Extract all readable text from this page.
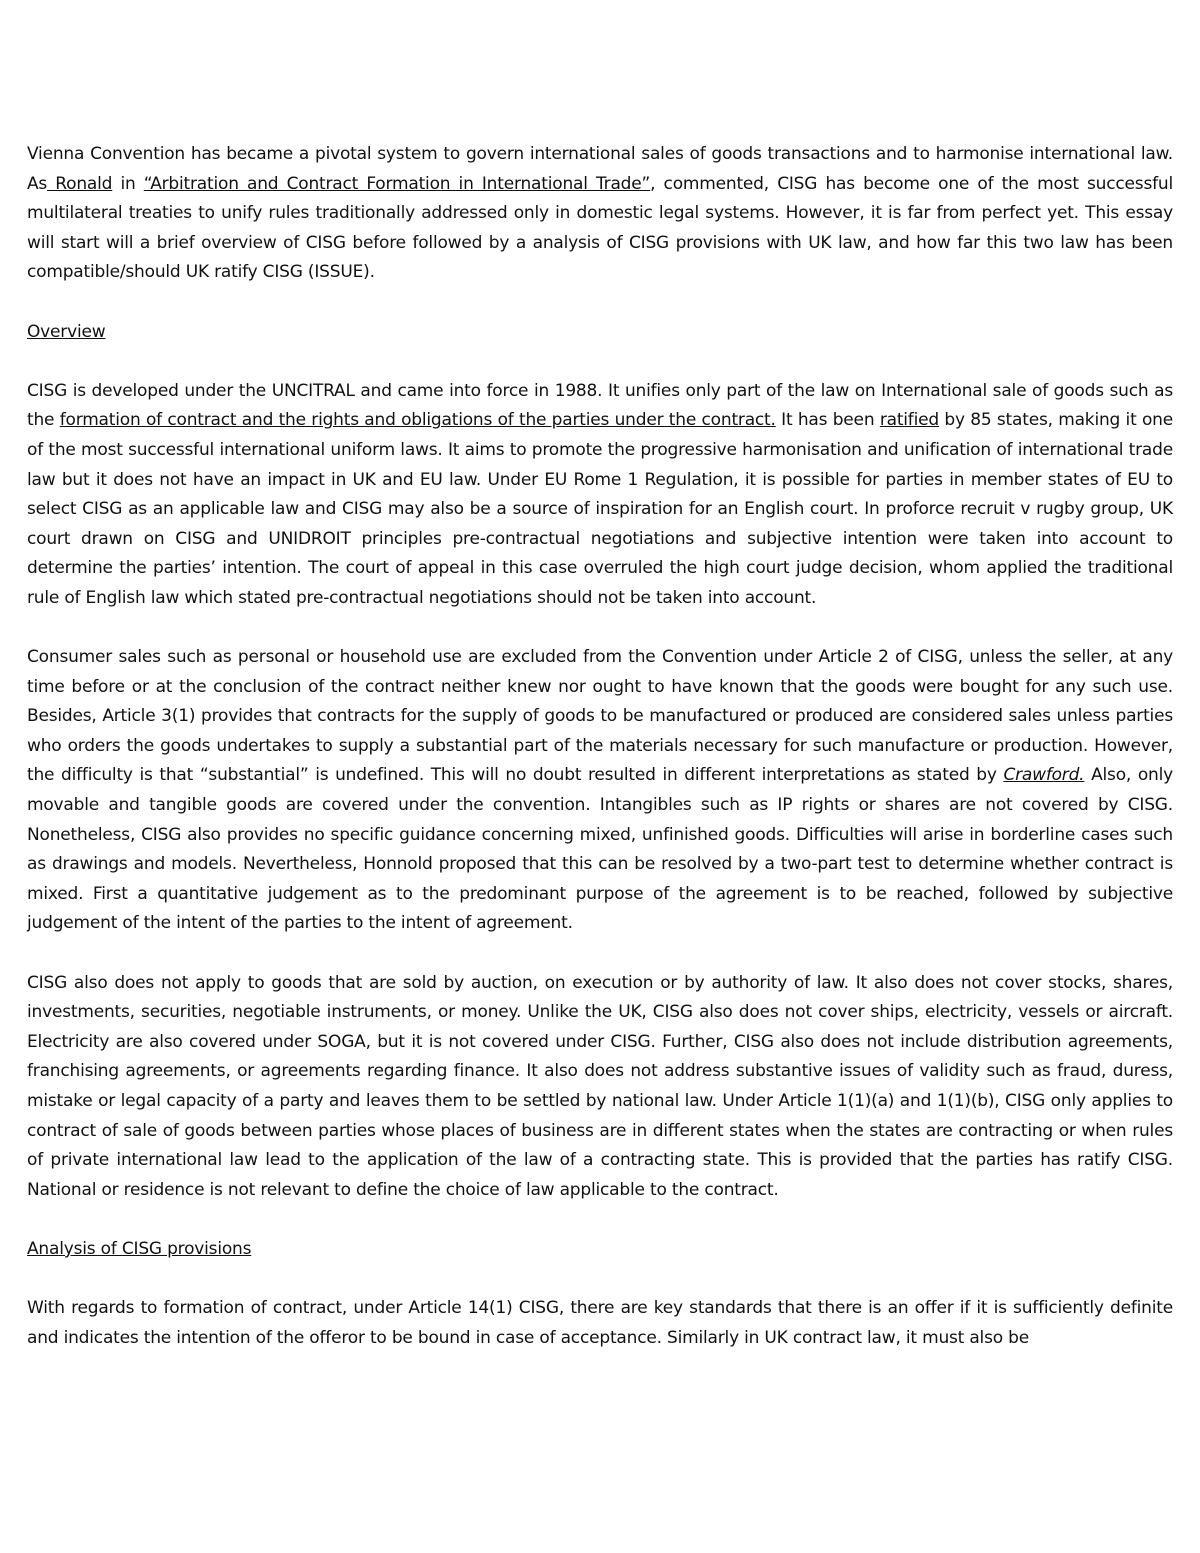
Vienna Convention has became a pivotal system to govern international sales of goods transactions and to harmonise international law. As Ronald in “Arbitration and Contract Formation in International Trade”, commented, CISG has become one of the most successful multilateral treaties to unify rules traditionally addressed only in domestic legal systems. However, it is far from perfect yet. This essay will start will a brief overview of CISG before followed by a analysis of CISG provisions with UK law, and how far this two law has been compatible/should UK ratify CISG (ISSUE).

Overview

CISG is developed under the UNCITRAL and came into force in 1988. It unifies only part of the law on International sale of goods such as the formation of contract and the rights and obligations of the parties under the contract. It has been ratified by 85 states, making it one of the most successful international uniform laws. It aims to promote the progressive harmonisation and unification of international trade law but it does not have an impact in UK and EU law. Under EU Rome 1 Regulation, it is possible for parties in member states of EU to select CISG as an applicable law and CISG may also be a source of inspiration for an English court. In proforce recruit v rugby group, UK court drawn on CISG and UNIDROIT principles pre-contractual negotiations and subjective intention were taken into account to determine the parties’ intention. The court of appeal in this case overruled the high court judge decision, whom applied the traditional rule of English law which stated pre-contractual negotiations should not be taken into account.

Consumer sales such as personal or household use are excluded from the Convention under Article 2 of CISG, unless the seller, at any time before or at the conclusion of the contract neither knew nor ought to have known that the goods were bought for any such use. Besides, Article 3(1) provides that contracts for the supply of goods to be manufactured or produced are considered sales unless parties who orders the goods undertakes to supply a substantial part of the materials necessary for such manufacture or production. However, the difficulty is that “substantial” is undefined. This will no doubt resulted in different interpretations as stated by Crawford. Also, only movable and tangible goods are covered under the convention. Intangibles such as IP rights or shares are not covered by CISG. Nonetheless, CISG also provides no specific guidance concerning mixed, unfinished goods. Difficulties will arise in borderline cases such as drawings and models. Nevertheless, Honnold proposed that this can be resolved by a two-part test to determine whether contract is mixed. First a quantitative judgement as to the predominant purpose of the agreement is to be reached, followed by subjective judgement of the intent of the parties to the intent of agreement.

CISG also does not apply to goods that are sold by auction, on execution or by authority of law. It also does not cover stocks, shares, investments, securities, negotiable instruments, or money. Unlike the UK, CISG also does not cover ships, electricity, vessels or aircraft. Electricity are also covered under SOGA, but it is not covered under CISG. Further, CISG also does not include distribution agreements, franchising agreements, or agreements regarding finance. It also does not address substantive issues of validity such as fraud, duress, mistake or legal capacity of a party and leaves them to be settled by national law. Under Article 1(1)(a) and 1(1)(b), CISG only applies to contract of sale of goods between parties whose places of business are in different states when the states are contracting or when rules of private international law lead to the application of the law of a contracting state. This is provided that the parties has ratify CISG. National or residence is not relevant to define the choice of law applicable to the contract.

Analysis of CISG provisions

With regards to formation of contract, under Article 14(1) CISG, there are key standards that there is an offer if it is sufficiently definite and indicates the intention of the offeror to be bound in case of acceptance. Similarly in UK contract law, it must also be
